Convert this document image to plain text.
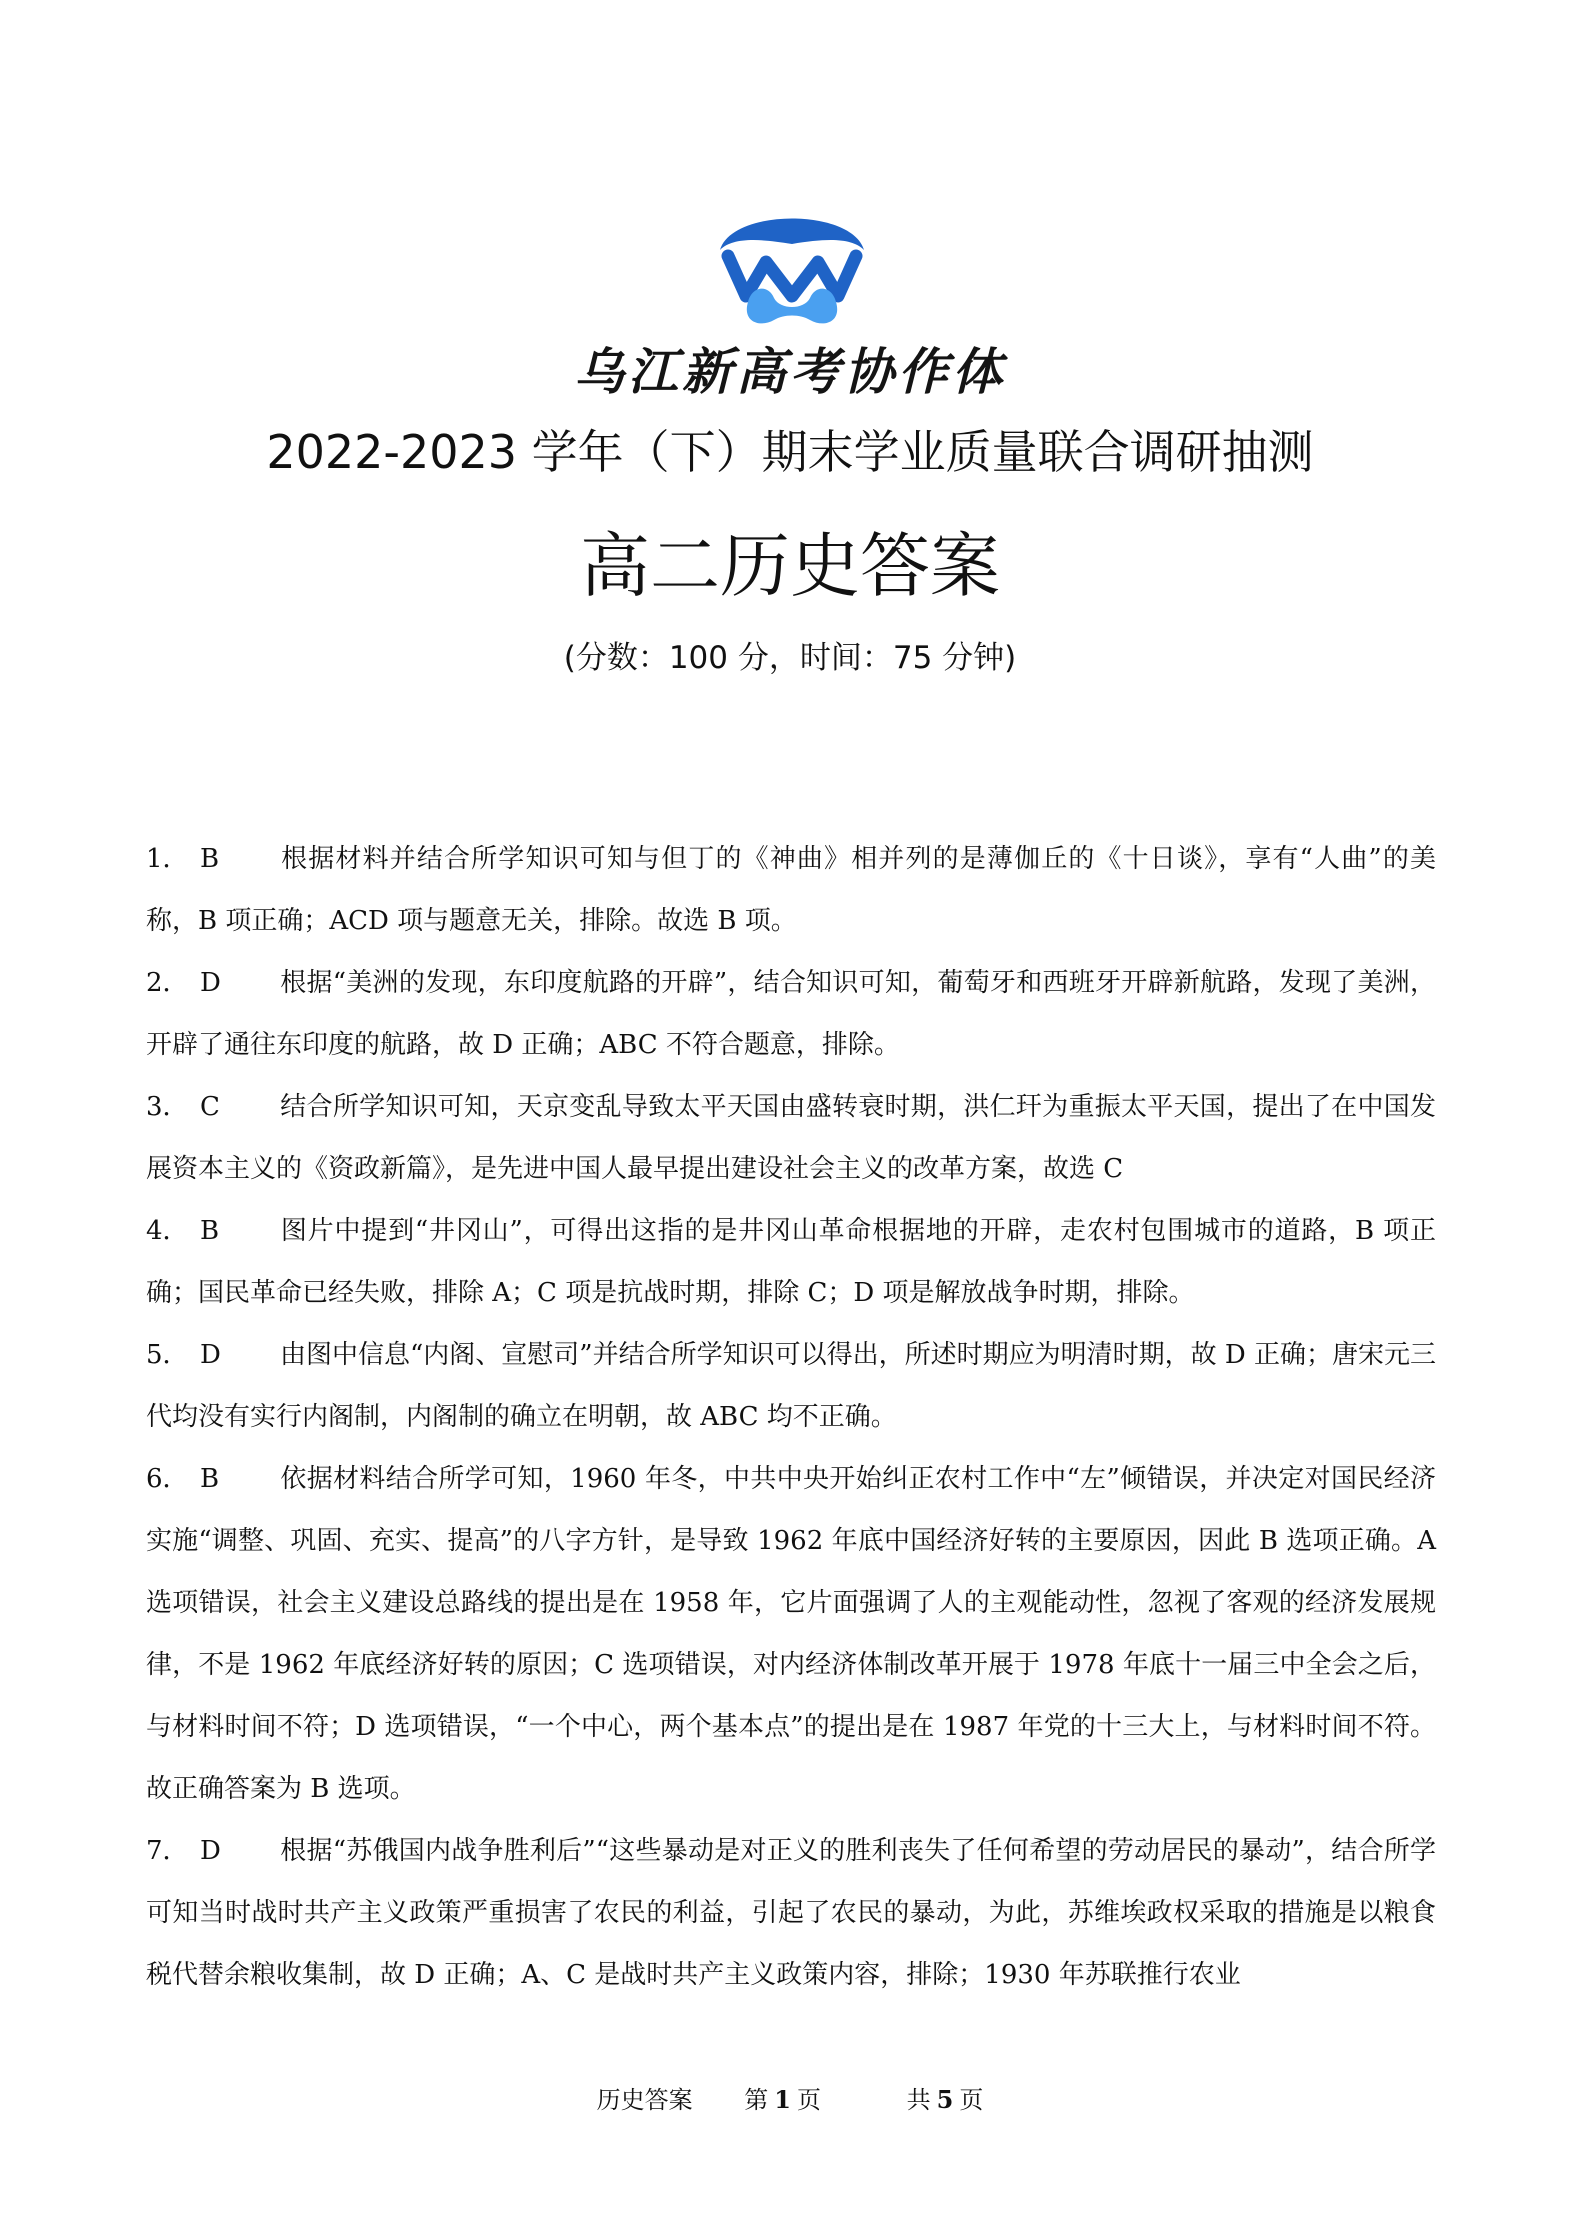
乌江新高考协作体
2022-2023 学年（下）期末学业质量联合调研抽测
高二历史答案
(分数：100 分，时间：75 分钟)

1． B 根据材料并结合所学知识可知与但丁的《神曲》相并列的是薄伽丘的《十日谈》，享有“人曲”的美称，B 项正确；ACD 项与题意无关，排除。故选 B 项。

2． D 根据“美洲的发现，东印度航路的开辟”，结合知识可知，葡萄牙和西班牙开辟新航路，发现了美洲，开辟了通往东印度的航路，故 D 正确；ABC 不符合题意，排除。

3． C 结合所学知识可知，天京变乱导致太平天国由盛转衰时期，洪仁玕为重振太平天国，提出了在中国发展资本主义的《资政新篇》，是先进中国人最早提出建设社会主义的改革方案，故选 C

4． B 图片中提到“井冈山”，可得出这指的是井冈山革命根据地的开辟，走农村包围城市的道路，B 项正确；国民革命已经失败，排除 A；C 项是抗战时期，排除 C；D 项是解放战争时期，排除。

5． D 由图中信息“内阁、宣慰司”并结合所学知识可以得出，所述时期应为明清时期，故 D 正确；唐宋元三代均没有实行内阁制，内阁制的确立在明朝，故 ABC 均不正确。

6． B 依据材料结合所学可知，1960 年冬，中共中央开始纠正农村工作中“左”倾错误，并决定对国民经济实施“调整、巩固、充实、提高”的八字方针，是导致 1962 年底中国经济好转的主要原因，因此 B 选项正确。A 选项错误，社会主义建设总路线的提出是在 1958 年，它片面强调了人的主观能动性，忽视了客观的经济发展规律，不是 1962 年底经济好转的原因；C 选项错误，对内经济体制改革开展于 1978 年底十一届三中全会之后，与材料时间不符；D 选项错误，“一个中心，两个基本点”的提出是在 1987 年党的十三大上，与材料时间不符。故正确答案为 B 选项。

7． D 根据“苏俄国内战争胜利后”“这些暴动是对正义的胜利丧失了任何希望的劳动居民的暴动”，结合所学可知当时战时共产主义政策严重损害了农民的利益，引起了农民的暴动，为此，苏维埃政权采取的措施是以粮食税代替余粮收集制，故 D 正确；A、C 是战时共产主义政策内容，排除；1930 年苏联推行农业

历史答案 第 1 页	共 5 页
